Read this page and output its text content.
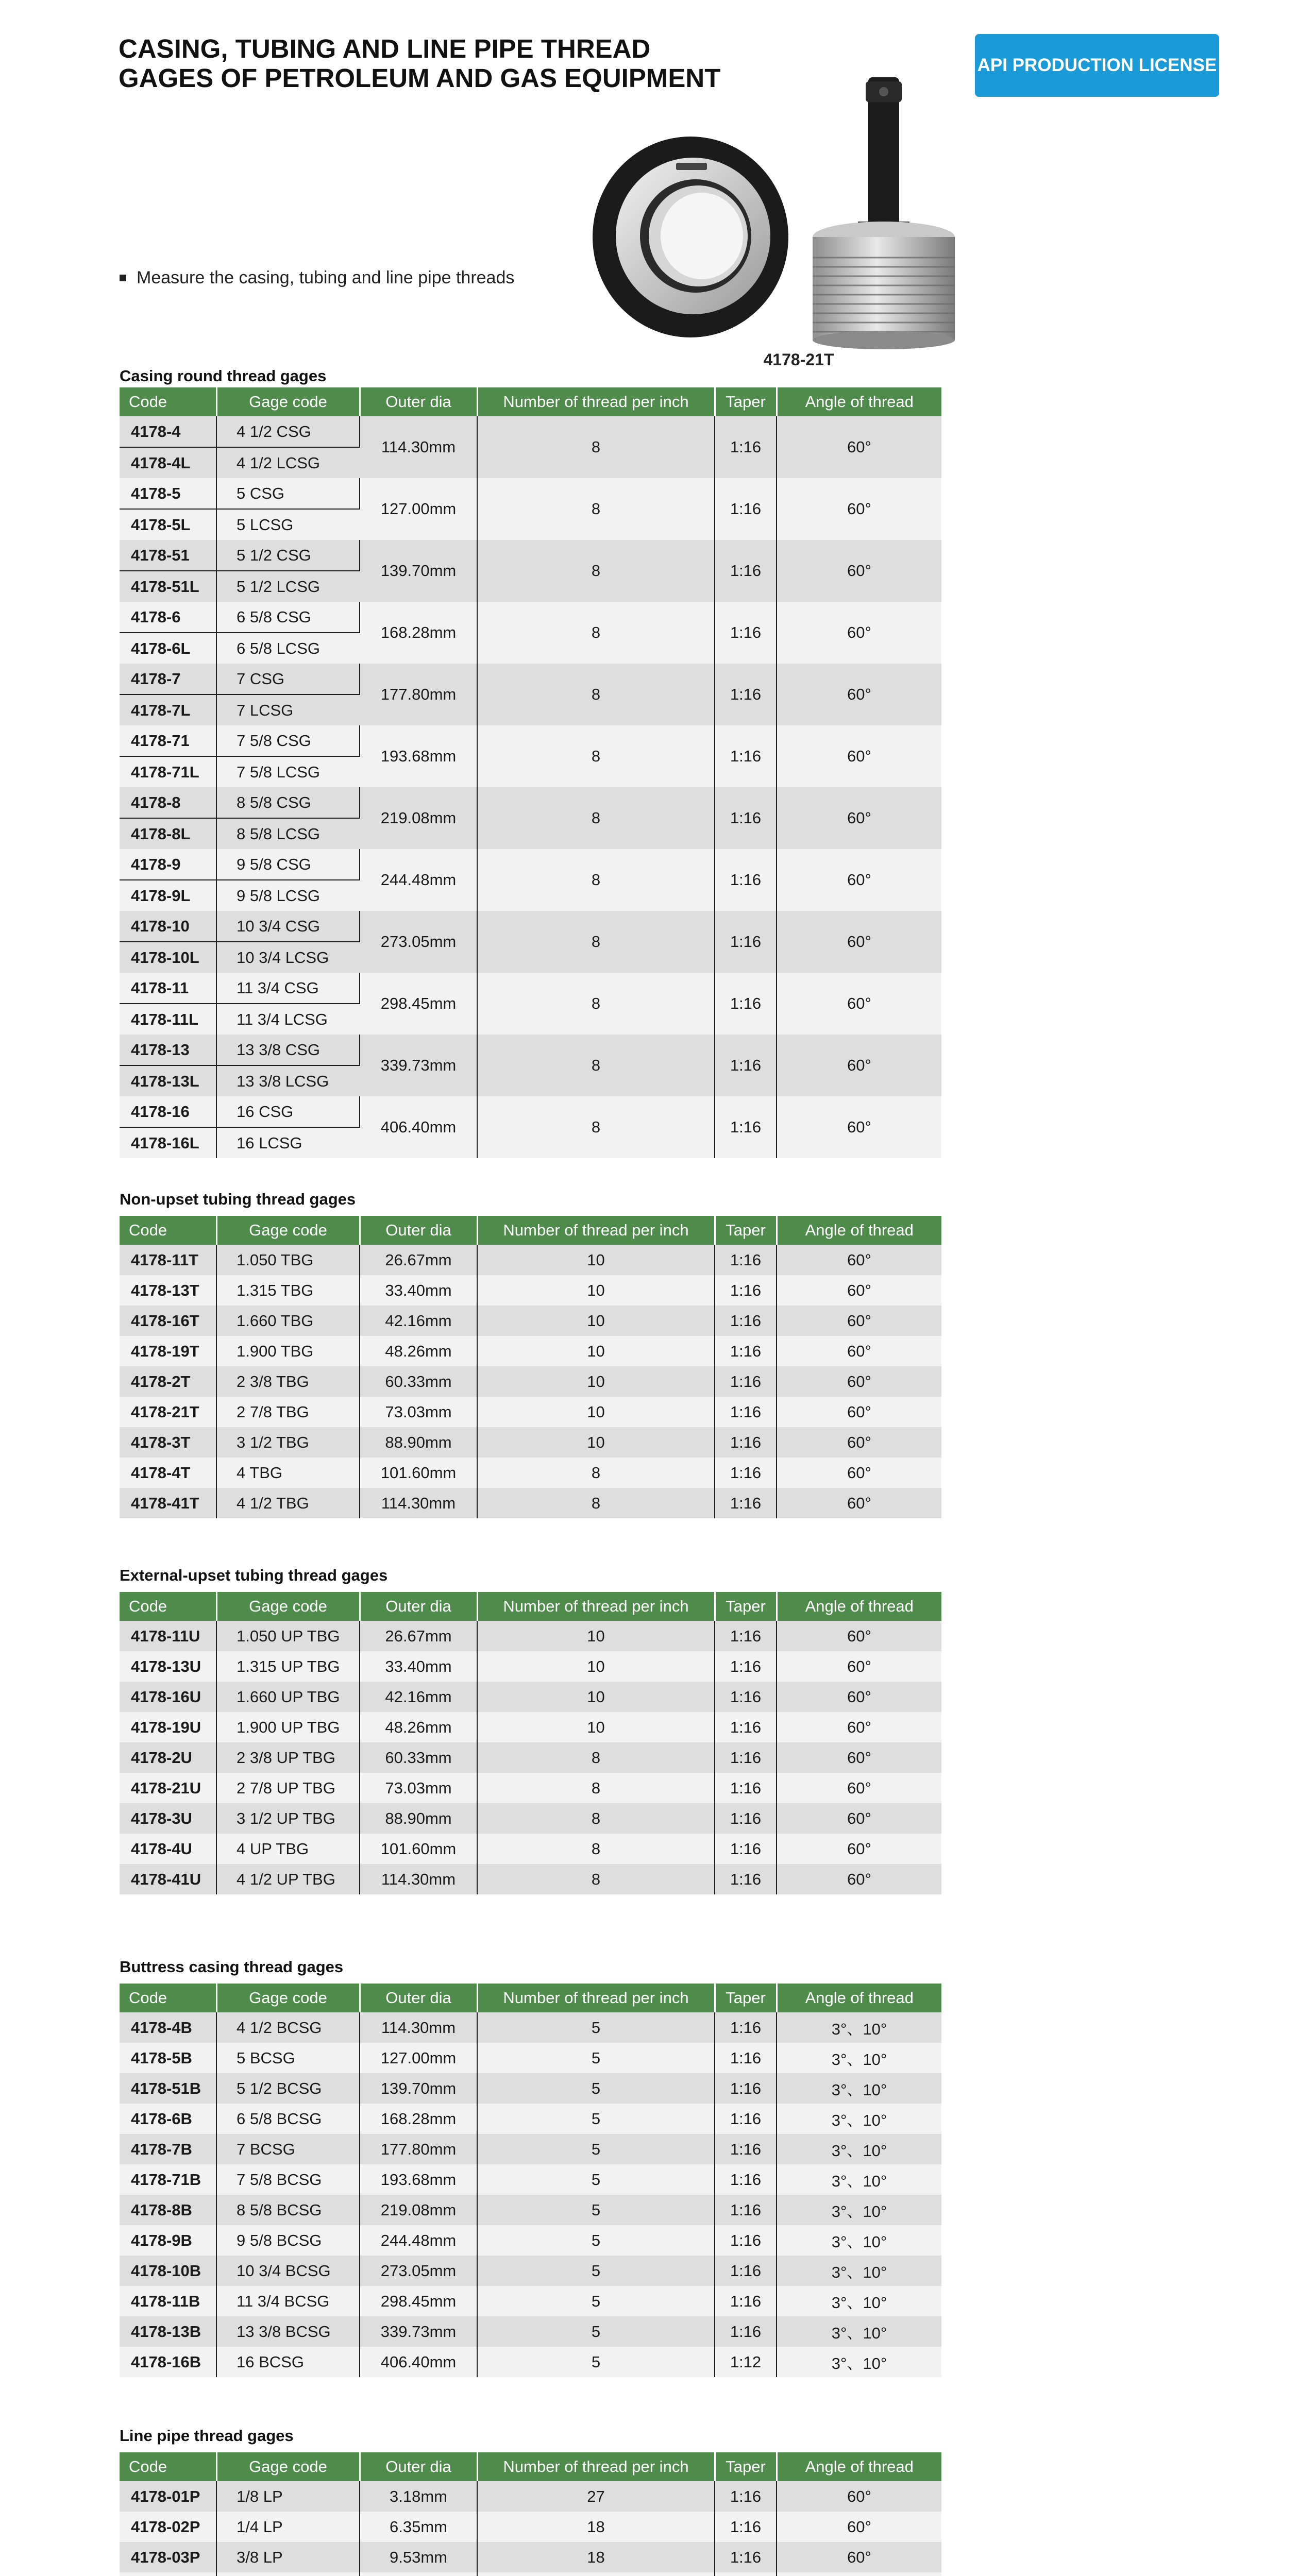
CASING, TUBING AND LINE PIPE THREAD
GAGES OF PETROLEUM AND GAS EQUIPMENT	API PRODUCTION LICENSE
Measure the casing, tubing and line pipe threads
4178-21T
Casing round thread gages
Code	Gage code	Outer dia	Number of thread per inch	Taper	Angle of thread
4178-4	4 1/2 CSG	114.30mm	8	1:16	60°
4178-4L	4 1/2 LCSG				
4178-5	5 CSG	127.00mm	8	1:16	60°
4178-5L	5 LCSG				
4178-51	5 1/2 CSG	139.70mm	8	1:16	60°
4178-51L	5 1/2 LCSG				
4178-6	6 5/8 CSG	168.28mm	8	1:16	60°
4178-6L	6 5/8 LCSG				
4178-7	7 CSG	177.80mm	8	1:16	60°
4178-7L	7 LCSG				
4178-71	7 5/8 CSG	193.68mm	8	1:16	60°
4178-71L	7 5/8 LCSG				
4178-8	8 5/8 CSG	219.08mm	8	1:16	60°
4178-8L	8 5/8 LCSG				
4178-9	9 5/8 CSG	244.48mm	8	1:16	60°
4178-9L	9 5/8 LCSG				
4178-10	10 3/4 CSG	273.05mm	8	1:16	60°
4178-10L	10 3/4 LCSG				
4178-11	11 3/4 CSG	298.45mm	8	1:16	60°
4178-11L	11 3/4 LCSG				
4178-13	13 3/8 CSG	339.73mm	8	1:16	60°
4178-13L	13 3/8 LCSG				
4178-16	16 CSG	406.40mm	8	1:16	60°
4178-16L	16 LCSG				
Non-upset tubing thread gages
Code	Gage code	Outer dia	Number of thread per inch	Taper	Angle of thread
4178-11T	1.050 TBG	26.67mm	10	1:16	60°
4178-13T	1.315 TBG	33.40mm	10	1:16	60°
4178-16T	1.660 TBG	42.16mm	10	1:16	60°
4178-19T	1.900 TBG	48.26mm	10	1:16	60°
4178-2T	2 3/8 TBG	60.33mm	10	1:16	60°
4178-21T	2 7/8 TBG	73.03mm	10	1:16	60°
4178-3T	3 1/2 TBG	88.90mm	10	1:16	60°
4178-4T	4 TBG	101.60mm	8	1:16	60°
4178-41T	4 1/2 TBG	114.30mm	8	1:16	60°
External-upset tubing thread gages
Code	Gage code	Outer dia	Number of thread per inch	Taper	Angle of thread
4178-11U	1.050 UP TBG	26.67mm	10	1:16	60°
4178-13U	1.315 UP TBG	33.40mm	10	1:16	60°
4178-16U	1.660 UP TBG	42.16mm	10	1:16	60°
4178-19U	1.900 UP TBG	48.26mm	10	1:16	60°
4178-2U	2 3/8 UP TBG	60.33mm	8	1:16	60°
4178-21U	2 7/8 UP TBG	73.03mm	8	1:16	60°
4178-3U	3 1/2 UP TBG	88.90mm	8	1:16	60°
4178-4U	4 UP TBG	101.60mm	8	1:16	60°
4178-41U	4 1/2 UP TBG	114.30mm	8	1:16	60°
Buttress casing thread gages
Code	Gage code	Outer dia	Number of thread per inch	Taper	Angle of thread
4178-4B	4 1/2 BCSG	114.30mm	5	1:16	3°、10°
4178-5B	5 BCSG	127.00mm	5	1:16	3°、10°
4178-51B	5 1/2 BCSG	139.70mm	5	1:16	3°、10°
4178-6B	6 5/8 BCSG	168.28mm	5	1:16	3°、10°
4178-7B	7 BCSG	177.80mm	5	1:16	3°、10°
4178-71B	7 5/8 BCSG	193.68mm	5	1:16	3°、10°
4178-8B	8 5/8 BCSG	219.08mm	5	1:16	3°、10°
4178-9B	9 5/8 BCSG	244.48mm	5	1:16	3°、10°
4178-10B	10 3/4 BCSG	273.05mm	5	1:16	3°、10°
4178-11B	11 3/4 BCSG	298.45mm	5	1:16	3°、10°
4178-13B	13 3/8 BCSG	339.73mm	5	1:16	3°、10°
4178-16B	16 BCSG	406.40mm	5	1:12	3°、10°
Line pipe thread gages
Code	Gage code	Outer dia	Number of thread per inch	Taper	Angle of thread
4178-01P	1/8 LP	3.18mm	27	1:16	60°
4178-02P	1/4 LP	6.35mm	18	1:16	60°
4178-03P	3/8 LP	9.53mm	18	1:16	60°
